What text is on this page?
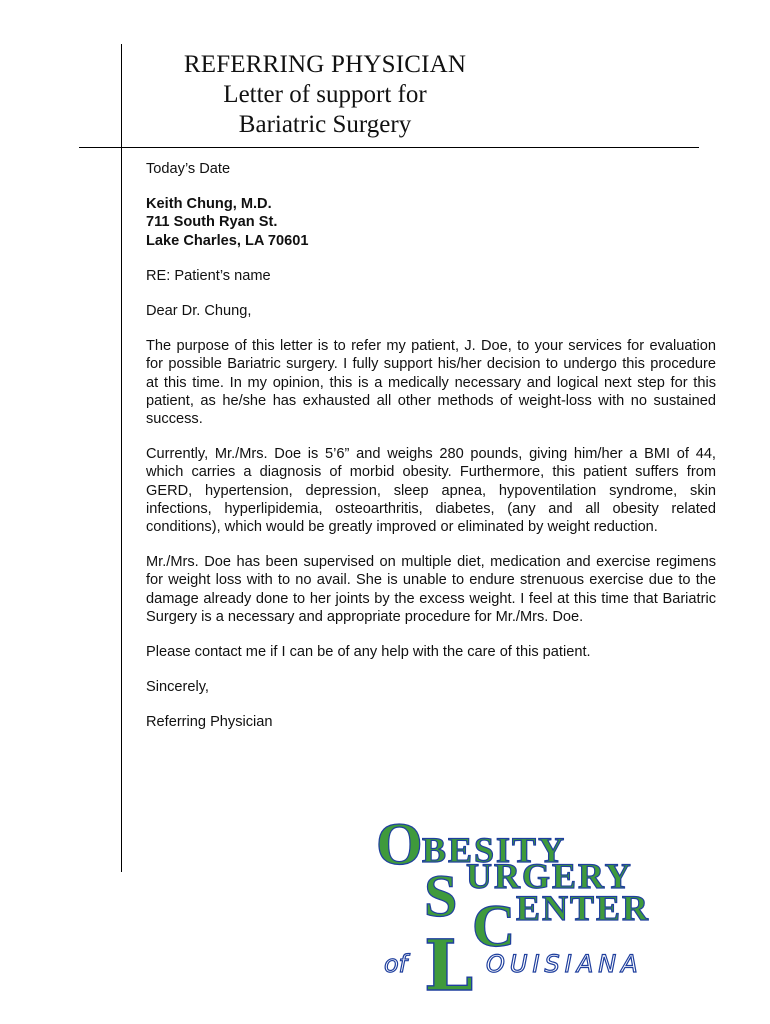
REFERRING PHYSICIAN
Letter of support for
Bariatric Surgery

Today’s Date

Keith Chung, M.D.
711 South Ryan St.
Lake Charles, LA 70601

RE: Patient’s name

Dear Dr. Chung,

The purpose of this letter is to refer my patient, J. Doe, to your services for evaluation for possible Bariatric surgery. I fully support his/her decision to undergo this procedure at this time. In my opinion, this is a medically necessary and logical next step for this patient, as he/she has exhausted all other methods of weight-loss with no sustained success.

Currently, Mr./Mrs. Doe is 5’6” and weighs 280 pounds, giving him/her a BMI of 44, which carries a diagnosis of morbid obesity. Furthermore, this patient suffers from GERD, hypertension, depression, sleep apnea, hypoventilation syndrome, skin infections, hyperlipidemia, osteoarthritis, diabetes, (any and all obesity related conditions), which would be greatly improved or eliminated by weight reduction.

Mr./Mrs. Doe has been supervised on multiple diet, medication and exercise regimens for weight loss with to no avail. She is unable to endure strenuous exercise due to the damage already done to her joints by the excess weight. I feel at this time that Bariatric Surgery is a necessary and appropriate procedure for Mr./Mrs. Doe.

Please contact me if I can be of any help with the care of this patient.

Sincerely,

Referring Physician

O BESITY
S URGERY
C ENTER
of L OUISIANA
